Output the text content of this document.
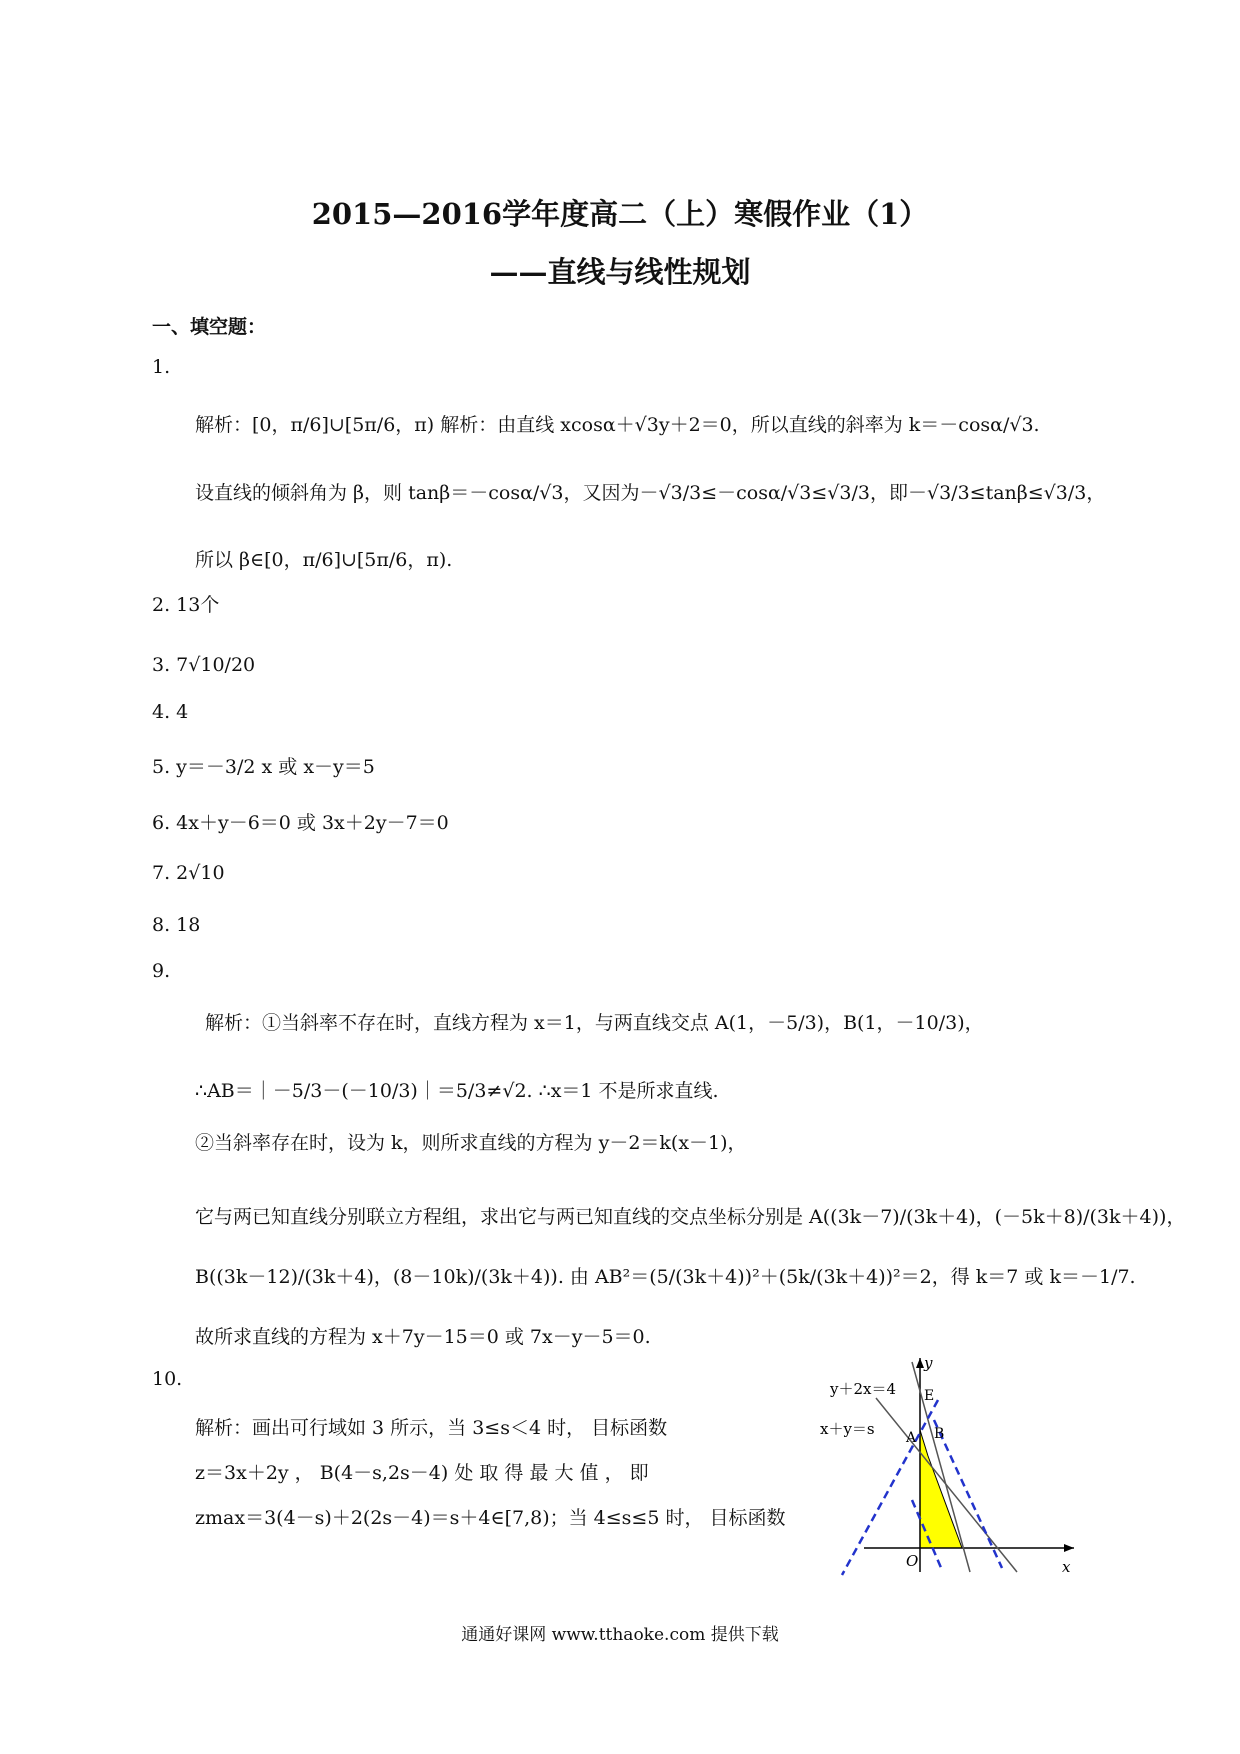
2015—2016学年度高二（上）寒假作业（1）
——直线与线性规划
一、填空题：
1.
解析：[0，π/6]∪[5π/6，π) 解析：由直线 xcosα＋√3y＋2＝0，所以直线的斜率为 k＝－cosα/√3.
设直线的倾斜角为 β，则 tanβ＝－cosα/√3，又因为－√3/3≤－cosα/√3≤√3/3，即－√3/3≤tanβ≤√3/3，
所以 β∈[0，π/6]∪[5π/6，π).
2. 13个
3. 7√10/20
4. 4
5. y＝－3/2 x 或 x－y＝5
6. 4x＋y－6＝0 或 3x＋2y－7＝0
7. 2√10
8. 18
9.
解析：①当斜率不存在时，直线方程为 x＝1，与两直线交点 A(1，－5/3)，B(1，－10/3)，
∴AB＝｜－5/3－(－10/3)｜＝5/3≠√2. ∴x＝1 不是所求直线.
②当斜率存在时，设为 k，则所求直线的方程为 y－2＝k(x－1)，
它与两已知直线分别联立方程组，求出它与两已知直线的交点坐标分别是 A((3k－7)/(3k＋4)，(－5k＋8)/(3k＋4))，
B((3k－12)/(3k＋4)，(8－10k)/(3k＋4)). 由 AB²＝(5/(3k＋4))²＋(5k/(3k＋4))²＝2，得 k＝7 或 k＝－1/7.
故所求直线的方程为 x＋7y－15＝0 或 7x－y－5＝0.
10.
解析：画出可行域如 3 所示，当 3≤s＜4 时， 目标函数
z＝3x＋2y ， B(4－s,2s－4) 处 取 得 最 大 值 ， 即
zmax＝3(4－s)＋2(2s－4)＝s＋4∈[7,8)；当 4≤s≤5 时， 目标函数
y＋2x＝4
x＋y＝s
y
x
O
A B
E
通通好课网 www.tthaoke.com 提供下载
